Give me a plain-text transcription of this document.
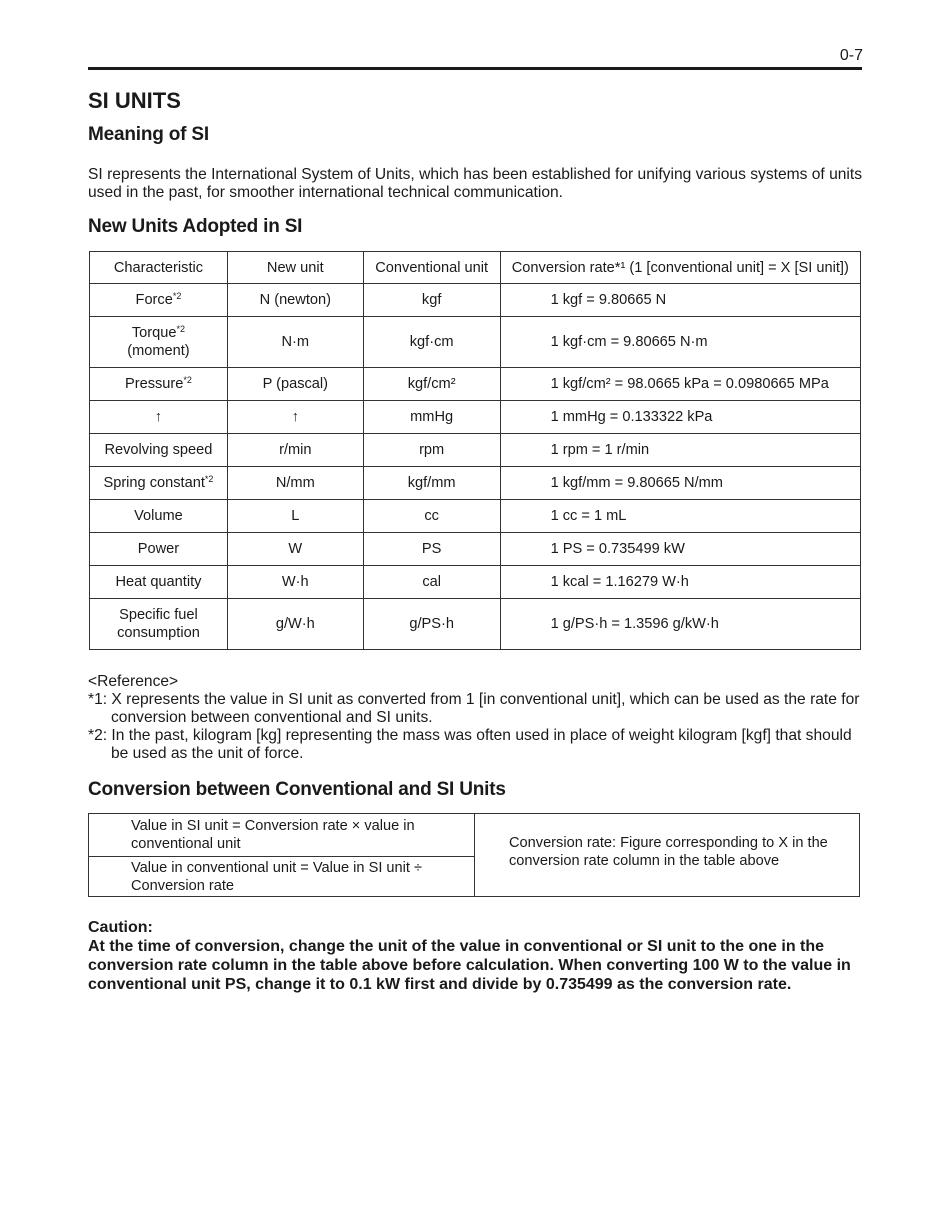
0-7
SI UNITS
Meaning of SI

SI represents the International System of Units, which has been established for unifying various systems of units used in the past, for smoother international technical communication.

New Units Adopted in SI
Characteristic	New unit	Conventional unit	Conversion rate*¹ (1 [conventional unit] = X [SI unit])
Force$^{*2}$	N (newton)	kgf	1 kgf = 9.80665 N
Torque$^{*2}$
(moment)	N·m	kgf·cm	1 kgf·cm = 9.80665 N·m
Pressure$^{*2}$	P (pascal)	kgf/cm²	1 kgf/cm² = 98.0665 kPa = 0.0980665 MPa
↑	↑	mmHg	1 mmHg = 0.133322 kPa
Revolving speed	r/min	rpm	1 rpm = 1 r/min
Spring constant$^{*2}$	N/mm	kgf/mm	1 kgf/mm = 9.80665 N/mm
Volume	L	cc	1 cc = 1 mL
Power	W	PS	1 PS = 0.735499 kW
Heat quantity	W·h	cal	1 kcal = 1.16279 W·h
Specific fuel
consumption	g/W·h	g/PS·h	1 g/PS·h = 1.3596 g/kW·h
<Reference>
*1: X represents the value in SI unit as converted from 1 [in conventional unit], which can be used as the rate for conversion between conventional and SI units.
*2: In the past, kilogram [kg] representing the mass was often used in place of weight kilogram [kgf] that should be used as the unit of force.
Conversion between Conventional and SI Units
Value in SI unit = Conversion rate × value in conventional unit
Value in conventional unit = Value in SI unit ÷ Conversion rate
Conversion rate: Figure corresponding to X in the conversion rate column in the table above
Caution:
At the time of conversion, change the unit of the value in conventional or SI unit to the one in the conversion rate column in the table above before calculation. When converting 100 W to the value in conventional unit PS, change it to 0.1 kW first and divide by 0.735499 as the conversion rate.
